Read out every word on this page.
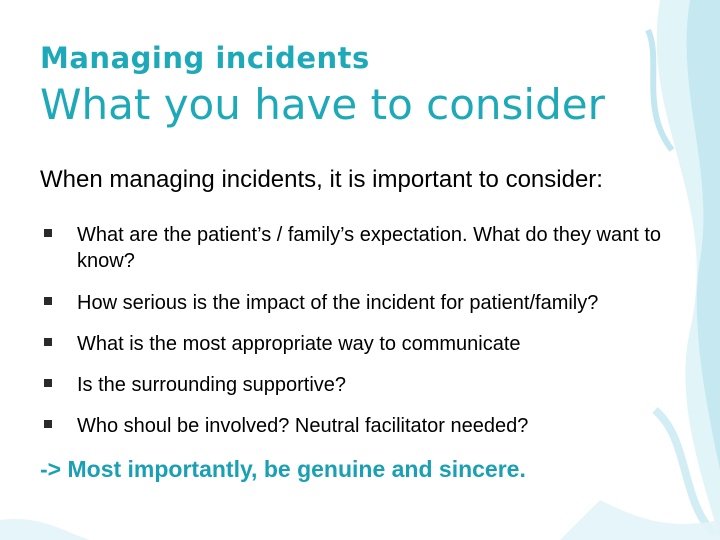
Managing incidents
What you have to consider
When managing incidents, it is important to consider:
What are the patient’s / family’s expectation. What do they want to know?
How serious is the impact of the incident for patient/family?
What is the most appropriate way to communicate
Is the surrounding supportive?
Who shoul be involved? Neutral facilitator needed?
-> Most importantly, be genuine and sincere.
